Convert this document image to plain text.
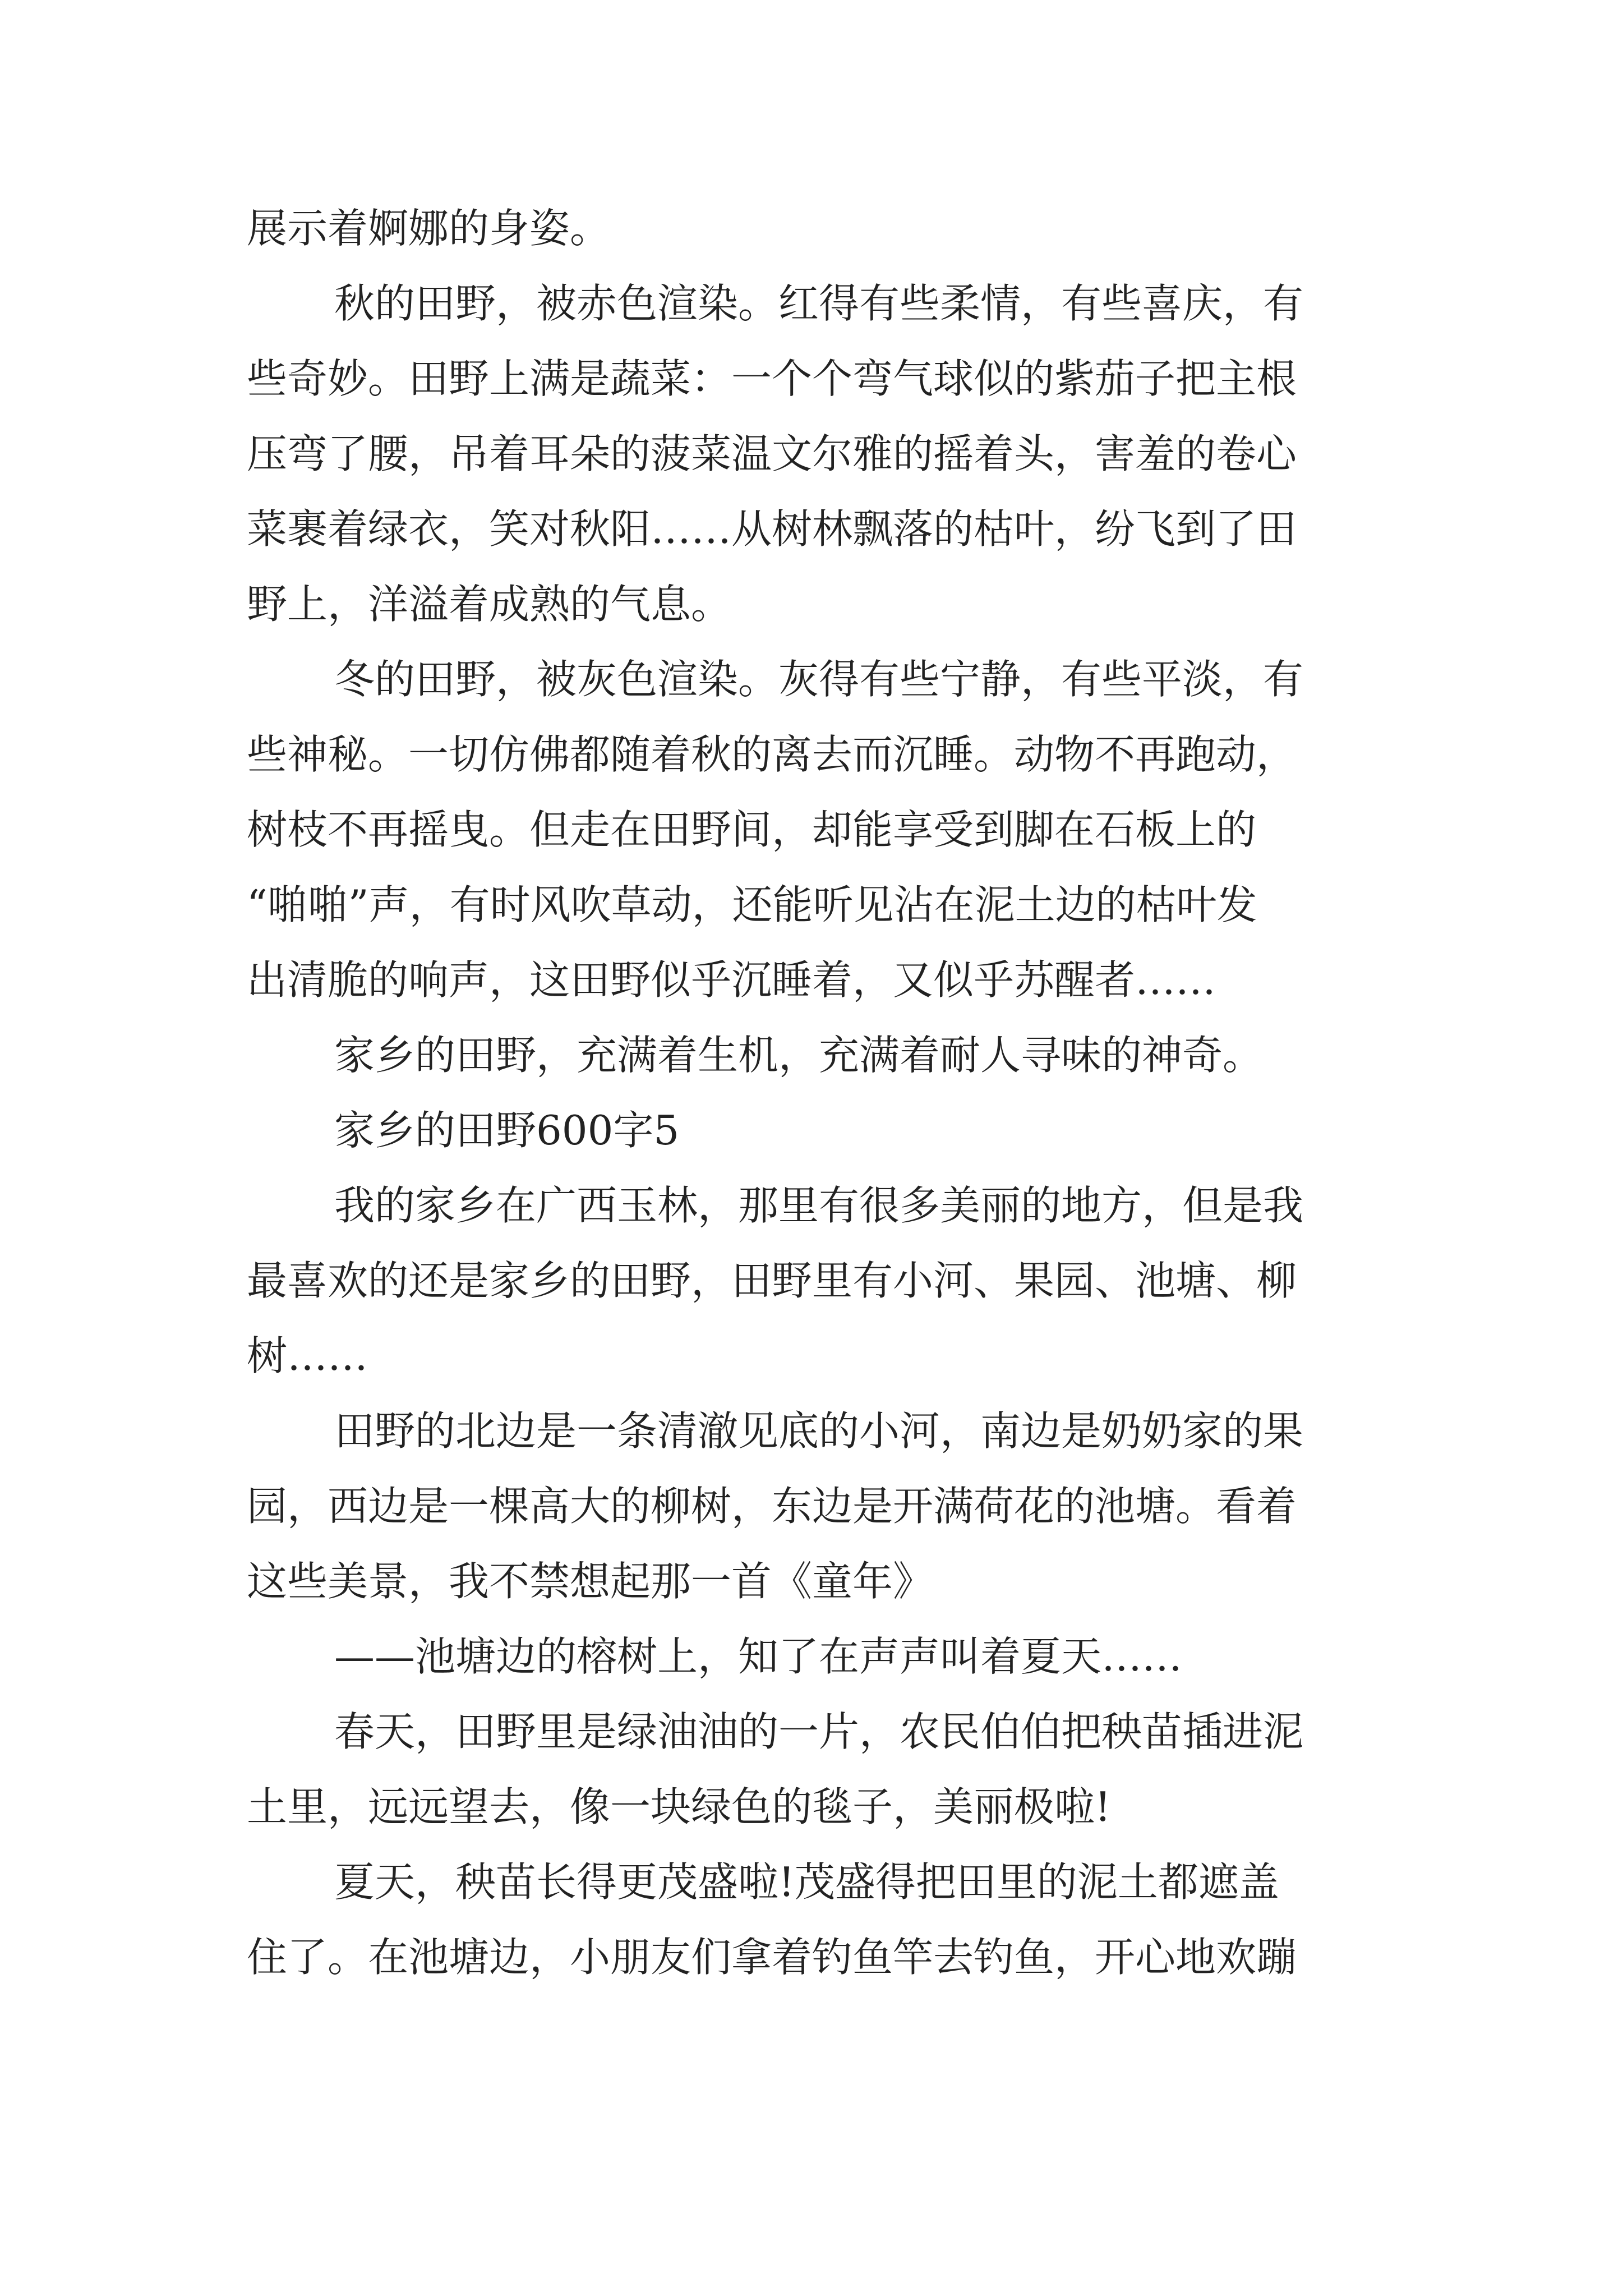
展示着婀娜的身姿。
秋的田野，被赤色渲染。红得有些柔情，有些喜庆，有
些奇妙。田野上满是蔬菜：一个个弯气球似的紫茄子把主根
压弯了腰，吊着耳朵的菠菜温文尔雅的摇着头，害羞的卷心
菜裹着绿衣，笑对秋阳……从树林飘落的枯叶，纷飞到了田
野上，洋溢着成熟的气息。
冬的田野，被灰色渲染。灰得有些宁静，有些平淡，有
些神秘。一切仿佛都随着秋的离去而沉睡。动物不再跑动，
树枝不再摇曳。但走在田野间，却能享受到脚在石板上的
“啪啪”声，有时风吹草动，还能听见沾在泥土边的枯叶发
出清脆的响声，这田野似乎沉睡着，又似乎苏醒者……
家乡的田野，充满着生机，充满着耐人寻味的神奇。
家乡的田野600字5
我的家乡在广西玉林，那里有很多美丽的地方，但是我
最喜欢的还是家乡的田野，田野里有小河、果园、池塘、柳
树……
田野的北边是一条清澈见底的小河，南边是奶奶家的果
园，西边是一棵高大的柳树，东边是开满荷花的池塘。看着
这些美景，我不禁想起那一首《童年》
——池塘边的榕树上，知了在声声叫着夏天……
春天，田野里是绿油油的一片，农民伯伯把秧苗插进泥
土里，远远望去，像一块绿色的毯子，美丽极啦!
夏天，秧苗长得更茂盛啦!茂盛得把田里的泥土都遮盖
住了。在池塘边，小朋友们拿着钓鱼竿去钓鱼，开心地欢蹦
